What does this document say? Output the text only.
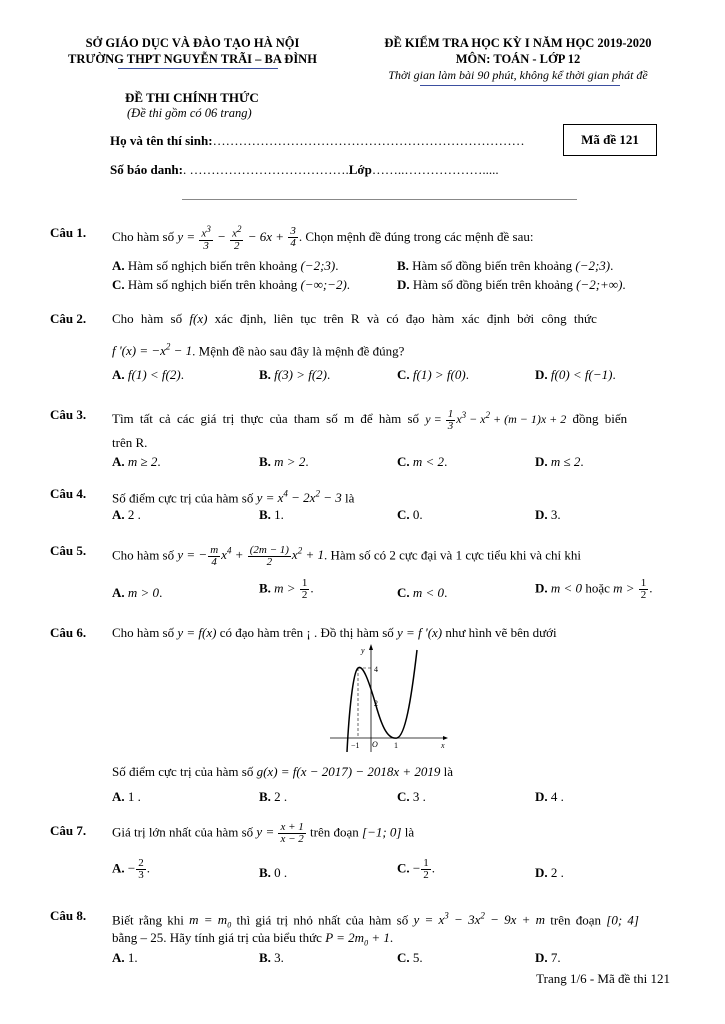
SỞ GIÁO DỤC VÀ ĐÀO TẠO HÀ NỘI
TRƯỜNG THPT NGUYỄN TRÃI – BA ĐÌNH
ĐỀ KIỂM TRA HỌC KỲ I NĂM HỌC 2019-2020
MÔN: TOÁN - LỚP 12
Thời gian làm bài 90 phút, không kể thời gian phát đề
ĐỀ THI CHÍNH THỨC
(Đề thi gồm có 06 trang)
Họ và tên thí sinh:………………………………………………………………	Mã đề 121
Số báo danh:. ……………………………….Lớp……..……………….....
Câu 1. Cho hàm số $y = \frac{x^3}{3} - \frac{x^2}{2} - 6x + \frac{3}{4}$ . Chọn mệnh đề đúng trong các mệnh đề sau:
A. Hàm số nghịch biến trên khoảng (−2;3).	B. Hàm số đồng biến trên khoảng (−2;3).
C. Hàm số nghịch biến trên khoảng (−∞;−2).	D. Hàm số đồng biến trên khoảng (−2;+∞).
Câu 2. Cho hàm số f(x) xác định, liên tục trên R và có đạo hàm xác định bởi công thức
f '$(x) = -x^2 - 1$. Mệnh đề nào sau đây là mệnh đề đúng?
A. f(1) < f(2).	B. f(3) > f(2).	C. f(1) > f(0).	D. f(0) < f(−1).
Câu 3. Tìm tất cả các giá trị thực của tham số m để hàm số $y = \frac{1}{3} x^3 - x^2 + (m - 1)x + 2$ đồng biến
trên R.
A. m ≥ 2.	B. m > 2.	C. m < 2.	D. m ≤ 2.
Câu 4. Số điểm cực trị của hàm số $y = x^4 - 2x^2 - 3$ là
A. 2 .	B. 1.	C. 0.	D. 3.
Câu 5. Cho hàm số y = − $\frac{m}{4} x^4 + \frac{(2m - 1)}{2} x^2 + 1$. Hàm số có 2 cực đại và 1 cực tiểu khi và chỉ khi
A. m > 0.	B. $m > \frac{1}{2}$ .	C. m < 0.	D. m < 0 hoặc $m > \frac{1}{2}$ .
Câu 6. Cho hàm số y = f(x) có đạo hàm trên ¡ . Đồ thị hàm số y = f '(x) như hình vẽ bên dưới
y
x
4
2
−1 O 1
Số điểm cực trị của hàm số g(x) = f(x − 2017) − 2018x + 2019 là
A. 1 .	B. 2 .	C. 3 .	D. 4 .
Câu 7. Giá trị lớn nhất của hàm số $y = \frac{x + 1}{x - 2}$ trên đoạn [−1; 0] là
A. − $\frac{2}{3}$ .	B. 0 .	C. − $\frac{1}{2}$ .	D. 2 .
Câu 8. Biết rằng khi $m = m_0$ thì giá trị nhỏ nhất của hàm số $y = x^3 - 3x^2 - 9x + m$ trên đoạn [0; 4]
bằng – 25. Hãy tính giá trị của biểu thức $P = 2m_0 + 1$.
A. 1.	B. 3.	C. 5.	D. 7.
Trang 1/6 - Mã đề thi 121
